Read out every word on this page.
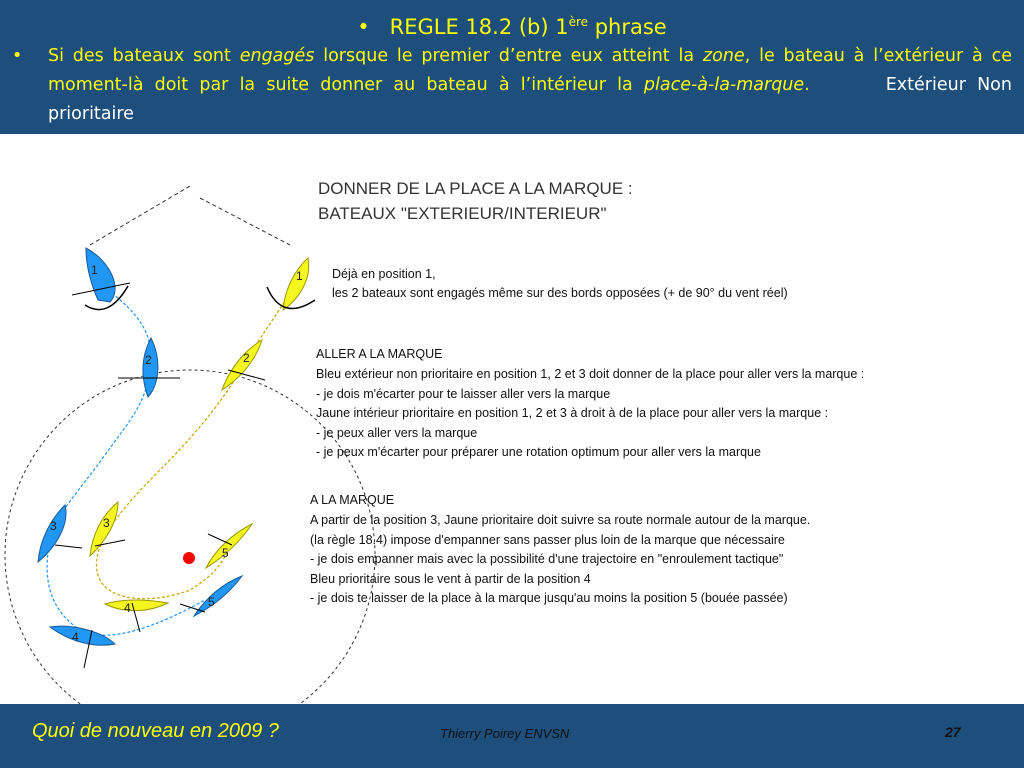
• REGLE 18.2 (b) 1ère phrase
• Si des bateaux sont engagés lorsque le premier d’entre eux atteint la zone, le bateau à l’extérieur à ce moment-là doit par la suite donner au bateau à l’intérieur la place-à-la-marque.	Extérieur Non prioritaire
1
2
3
4
5
1
2
3
4
5
DONNER DE LA PLACE A LA MARQUE :
BATEAUX "EXTERIEUR/INTERIEUR"
Déjà en position 1,
les 2 bateaux sont engagés même sur des bords opposées (+ de 90° du vent réel)
ALLER A LA MARQUE
Bleu extérieur non prioritaire en position 1, 2 et 3 doit donner de la place pour aller vers la marque :
- je dois m'écarter pour te laisser aller vers la marque
Jaune intérieur prioritaire en position 1, 2 et 3 à droit à de la place pour aller vers la marque :
- je peux aller vers la marque
- je peux m'écarter pour préparer une rotation optimum pour aller vers la marque
A LA MARQUE
A partir de la position 3, Jaune prioritaire doit suivre sa route normale autour de la marque.
(la règle 18.4) impose d'empanner sans passer plus loin de la marque que nécessaire
- je dois empanner mais avec la possibilité d'une trajectoire en "enroulement tactique"
Bleu prioritaire sous le vent à partir de la position 4
- je dois te laisser de la place à la marque jusqu'au moins la position 5 (bouée passée)
Quoi de nouveau en 2009 ?	Thierry Poirey ENVSN	27
